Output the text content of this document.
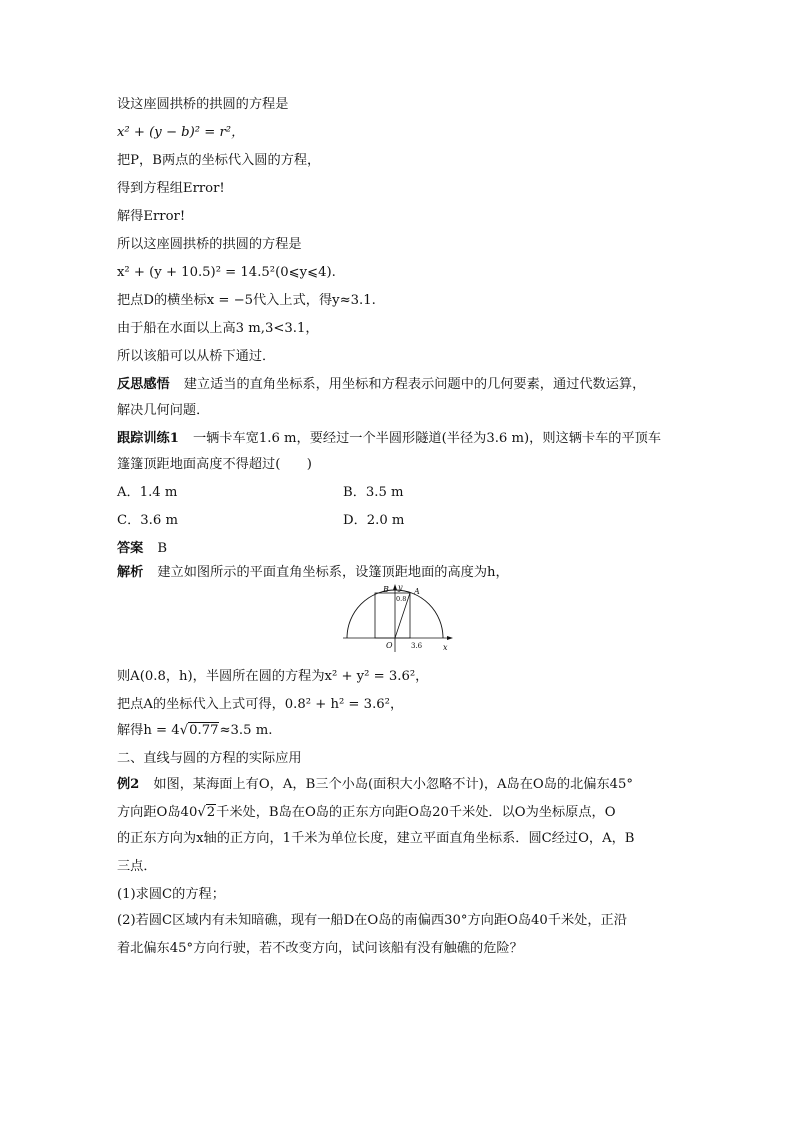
设这座圆拱桥的拱圆的方程是
x² + (y − b)² = r²，
把P，B两点的坐标代入圆的方程，
得到方程组Error!
解得Error!
所以这座圆拱桥的拱圆的方程是
x² + (y + 10.5)² = 14.5²(0⩽y⩽4).
把点D的横坐标x = −5代入上式，得y≈3.1.
由于船在水面以上高3 m,3<3.1，
所以该船可以从桥下通过．
反思感悟 建立适当的直角坐标系，用坐标和方程表示问题中的几何要素，通过代数运算，
解决几何问题．
跟踪训练1 一辆卡车宽1.6 m，要经过一个半圆形隧道(半径为3.6 m)，则这辆卡车的平顶车
篷篷顶距地面高度不得超过(　　)
A．1.4 m	B．3.5 m
C．3.6 m	D．2.0 m
答案 B
解析 建立如图所示的平面直角坐标系，设篷顶距地面的高度为h，
B y A
0.8
O	3.6	x
则A(0.8，h)，半圆所在圆的方程为x² + y² = 3.6²，
把点A的坐标代入上式可得，0.8² + h² = 3.6²，
解得h = 4√0.77≈3.5 m.
二、直线与圆的方程的实际应用
例2 如图，某海面上有O，A，B三个小岛(面积大小忽略不计)，A岛在O岛的北偏东45°
方向距O岛40√2千米处，B岛在O岛的正东方向距O岛20千米处．以O为坐标原点，O
的正东方向为x轴的正方向，1千米为单位长度，建立平面直角坐标系．圆C经过O，A，B
三点．
(1)求圆C的方程；
(2)若圆C区域内有未知暗礁，现有一船D在O岛的南偏西30°方向距O岛40千米处，正沿
着北偏东45°方向行驶，若不改变方向，试问该船有没有触礁的危险？
